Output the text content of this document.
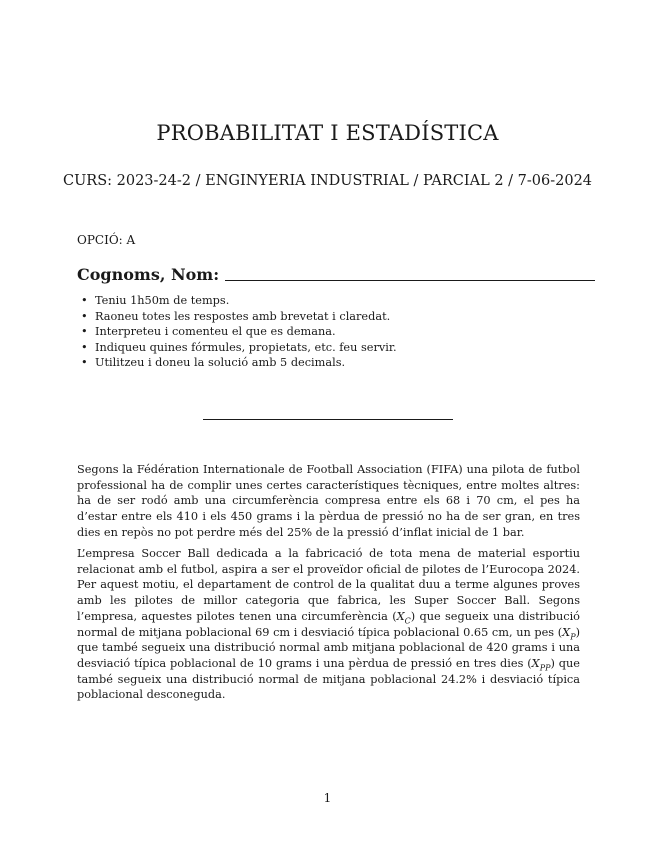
PROBABILITAT I ESTADÍSTICA
CURS: 2023-24-2 / ENGINYERIA INDUSTRIAL / PARCIAL 2 / 7-06-2024
OPCIÓ: A
Cognoms, Nom:
• Teniu 1h50m de temps.
• Raoneu totes les respostes amb brevetat i claredat.
• Interpreteu i comenteu el que es demana.
• Indiqueu quines fórmules, propietats, etc. feu servir.
• Utilitzeu i doneu la solució amb 5 decimals.

Segons la Fédération Internationale de Football Association (FIFA) una pilota de futbol professional ha de complir unes certes característiques tècniques, entre moltes altres: ha de ser rodó amb una circumferència compresa entre els 68 i 70 cm, el pes ha d’estar entre els 410 i els 450 grams i la pèrdua de pressió no ha de ser gran, en tres dies en repòs no pot perdre més del 25% de la pressió d’inflat inicial de 1 bar.

L’empresa Soccer Ball dedicada a la fabricació de tota mena de material esportiu relacionat amb el futbol, aspira a ser el proveïdor oficial de pilotes de l’Eurocopa 2024. Per aquest motiu, el departament de control de la qualitat duu a terme algunes proves amb les pilotes de millor categoria que fabrica, les Super Soccer Ball. Segons l’empresa, aquestes pilotes tenen una circumferència $(X_C)$ que segueix una distribució normal de mitjana poblacional 69 cm i desviació típica poblacional 0.65 cm, un pes $(X_P)$ que també segueix una distribució normal amb mitjana poblacional de 420 grams i una desviació típica poblacional de 10 grams i una pèrdua de pressió en tres dies $(X_{PP})$ que també segueix una distribució normal de mitjana poblacional 24.2% i desviació típica poblacional desconeguda.

1
